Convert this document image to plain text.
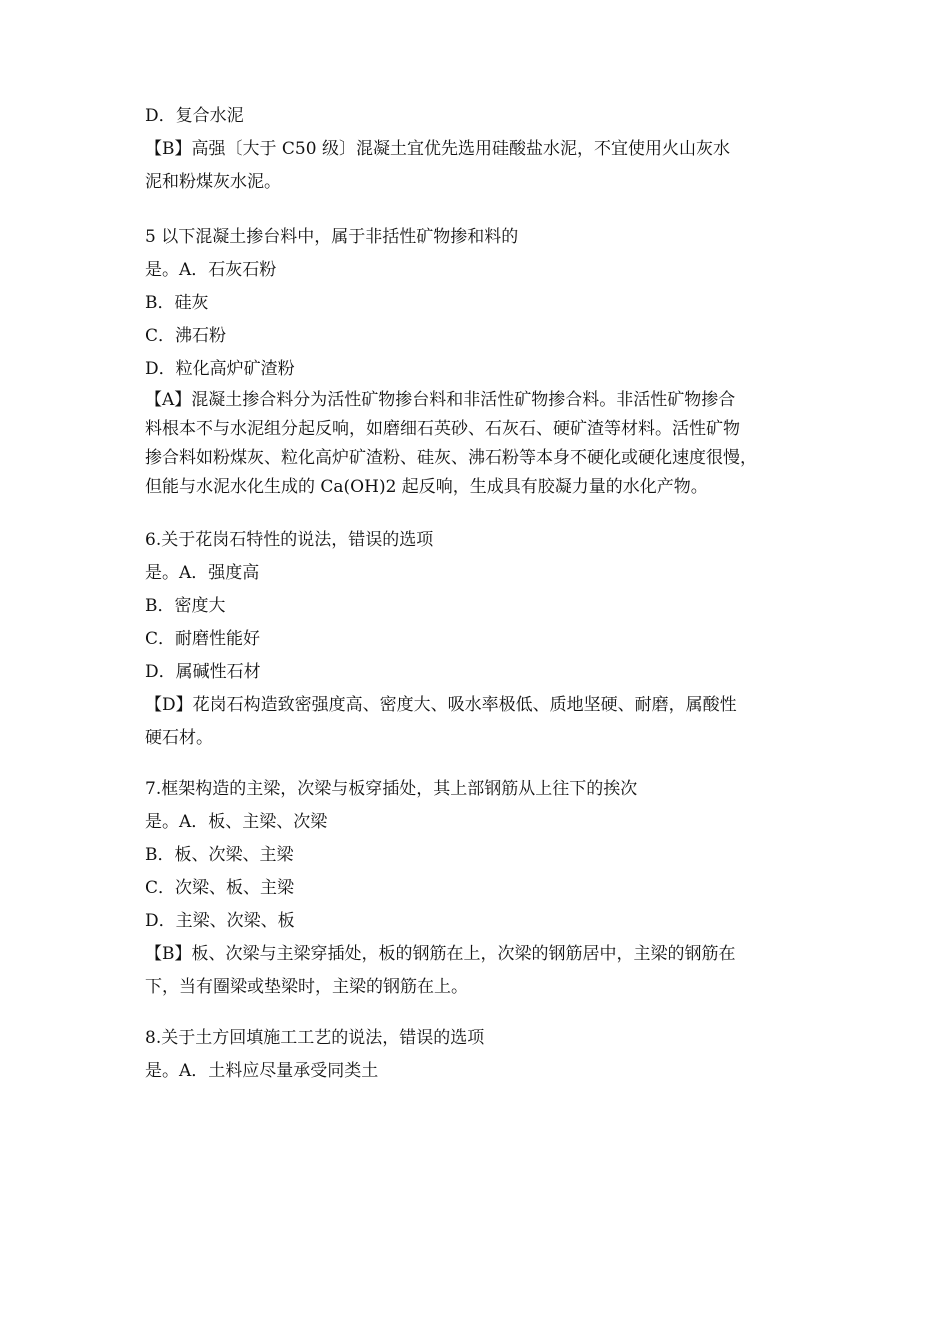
D．复合水泥
【B】高强〔大于 C50 级〕混凝土宜优先选用硅酸盐水泥，不宜使用火山灰水
泥和粉煤灰水泥。
5 以下混凝土掺台料中，属于非括性矿物掺和料的
是。A．石灰石粉
B．硅灰
C．沸石粉
D．粒化高炉矿渣粉
【A】混凝土掺合料分为活性矿物掺台料和非活性矿物掺合料。非活性矿物掺合
料根本不与水泥组分起反响，如磨细石英砂、石灰石、硬矿渣等材料。活性矿物
掺合料如粉煤灰、粒化高炉矿渣粉、硅灰、沸石粉等本身不硬化或硬化速度很慢，
但能与水泥水化生成的 Ca(OH)2 起反响，生成具有胶凝力量的水化产物。
6.关于花岗石特性的说法，错误的选项
是。A．强度高
B．密度大
C．耐磨性能好
D．属碱性石材
【D】花岗石构造致密强度高、密度大、吸水率极低、质地坚硬、耐磨，属酸性
硬石材。
7.框架构造的主梁，次梁与板穿插处，其上部钢筋从上往下的挨次
是。A．板、主梁、次梁
B．板、次梁、主梁
C．次梁、板、主梁
D．主梁、次梁、板
【B】板、次梁与主梁穿插处，板的钢筋在上，次梁的钢筋居中，主梁的钢筋在
下，当有圈梁或垫梁时，主梁的钢筋在上。
8.关于土方回填施工工艺的说法，错误的选项
是。A．土料应尽量承受同类土
